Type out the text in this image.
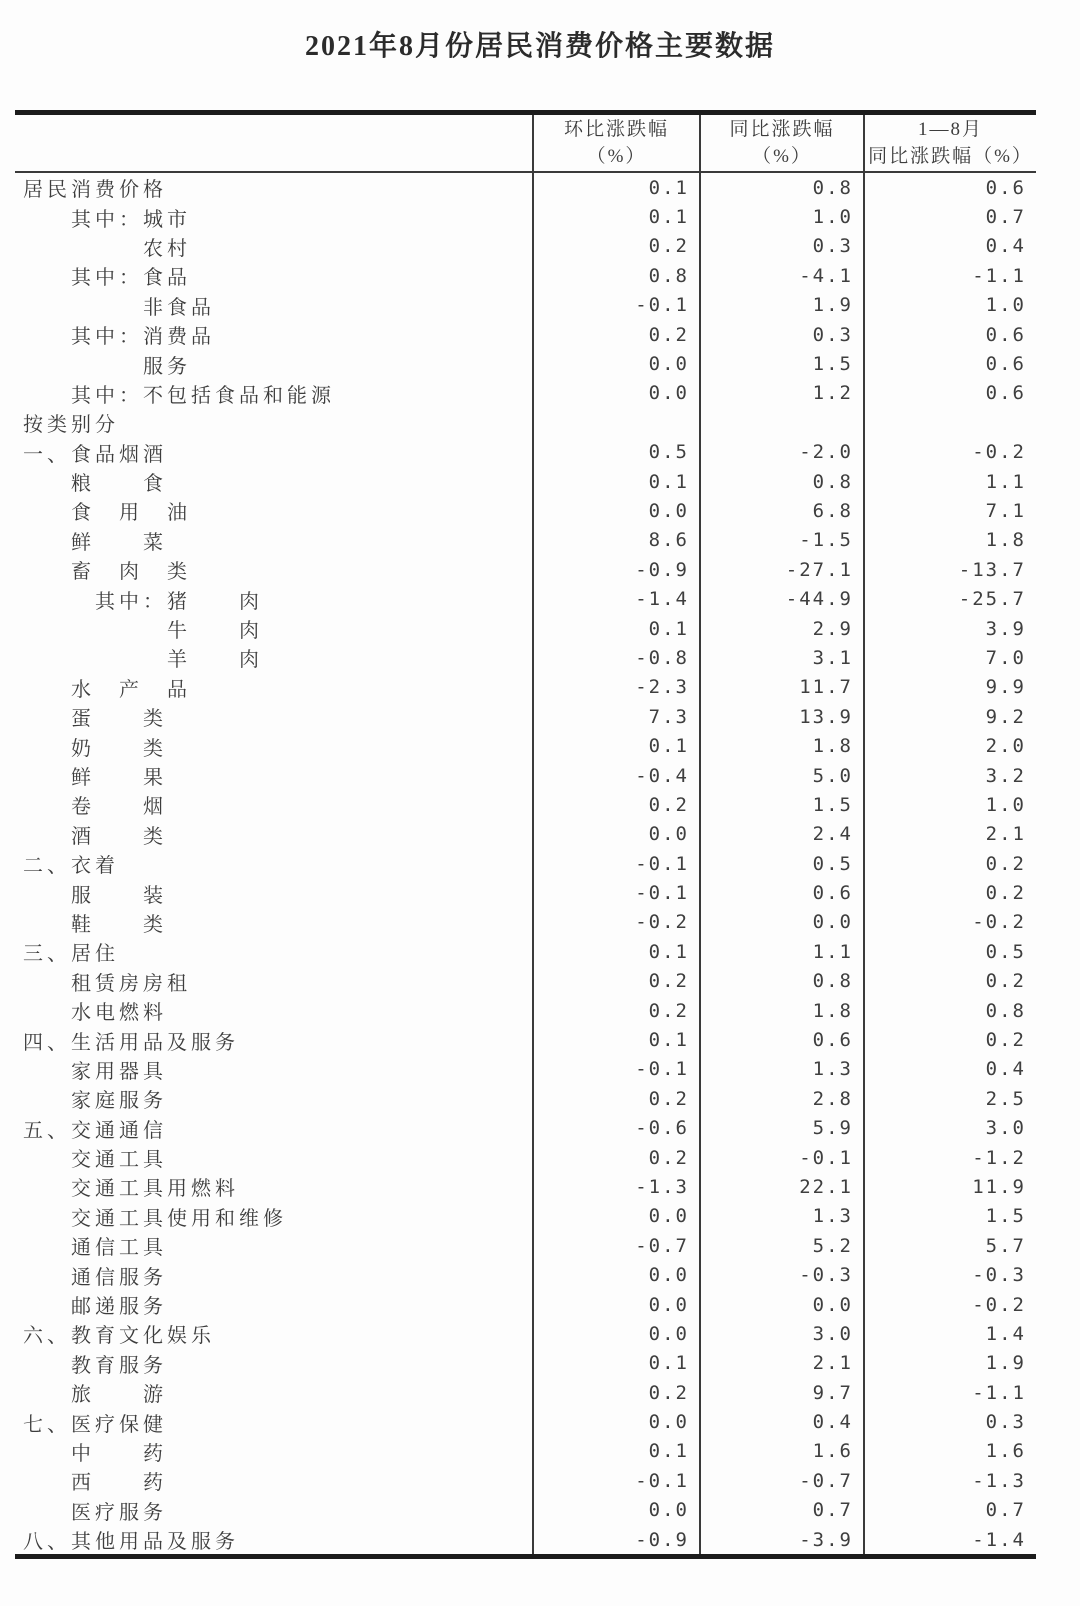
2021年8月份居民消费价格主要数据
环比涨跌幅
（%）
同比涨跌幅
（%）
1—8月
同比涨跌幅（%）
居民消费价格	0.1	0.8	0.6
　　其中：城市	0.1	1.0	0.7
　　　　　农村	0.2	0.3	0.4
　　其中：食品	0.8	-4.1	-1.1
　　　　　非食品	-0.1	1.9	1.0
　　其中：消费品	0.2	0.3	0.6
　　　　　服务	0.0	1.5	0.6
　　其中：不包括食品和能源	0.0	1.2	0.6
按类别分
一、食品烟酒	0.5	-2.0	-0.2
　　粮　　食	0.1	0.8	1.1
　　食　用　油	0.0	6.8	7.1
　　鲜　　菜	8.6	-1.5	1.8
　　畜　肉　类	-0.9	-27.1	-13.7
　　　其中：猪　　肉	-1.4	-44.9	-25.7
　　　　　　牛　　肉	0.1	2.9	3.9
　　　　　　羊　　肉	-0.8	3.1	7.0
　　水　产　品	-2.3	11.7	9.9
　　蛋　　类	7.3	13.9	9.2
　　奶　　类	0.1	1.8	2.0
　　鲜　　果	-0.4	5.0	3.2
　　卷　　烟	0.2	1.5	1.0
　　酒　　类	0.0	2.4	2.1
二、衣着	-0.1	0.5	0.2
　　服　　装	-0.1	0.6	0.2
　　鞋　　类	-0.2	0.0	-0.2
三、居住	0.1	1.1	0.5
　　租赁房房租	0.2	0.8	0.2
　　水电燃料	0.2	1.8	0.8
四、生活用品及服务	0.1	0.6	0.2
　　家用器具	-0.1	1.3	0.4
　　家庭服务	0.2	2.8	2.5
五、交通通信	-0.6	5.9	3.0
　　交通工具	0.2	-0.1	-1.2
　　交通工具用燃料	-1.3	22.1	11.9
　　交通工具使用和维修	0.0	1.3	1.5
　　通信工具	-0.7	5.2	5.7
　　通信服务	0.0	-0.3	-0.3
　　邮递服务	0.0	0.0	-0.2
六、教育文化娱乐	0.0	3.0	1.4
　　教育服务	0.1	2.1	1.9
　　旅　　游	0.2	9.7	-1.1
七、医疗保健	0.0	0.4	0.3
　　中　　药	0.1	1.6	1.6
　　西　　药	-0.1	-0.7	-1.3
　　医疗服务	0.0	0.7	0.7
八、其他用品及服务	-0.9	-3.9	-1.4
